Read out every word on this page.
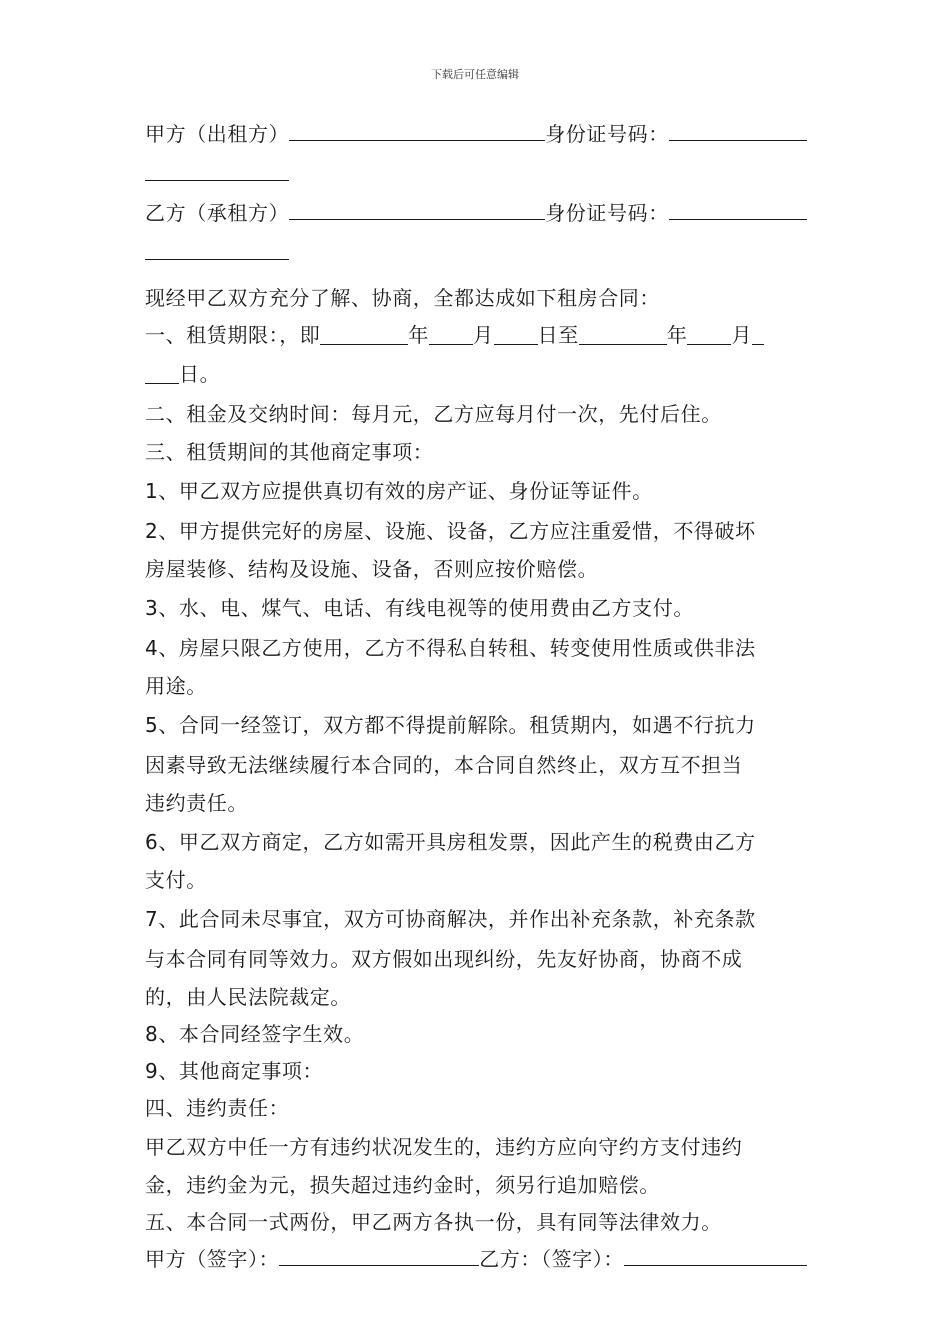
下载后可任意编辑
甲方（出租方）	身份证号码：
乙方（承租方）	身份证号码：
现经甲乙双方充分了解、协商，全都达成如下租房合同：
一、租赁期限：，即	年 月 日至	年 月
日。
二、租金及交纳时间：每月元，乙方应每月付一次，先付后住。
三、租赁期间的其他商定事项：
1、甲乙双方应提供真切有效的房产证、身份证等证件。
2、甲方提供完好的房屋、设施、设备，乙方应注重爱惜，不得破坏
房屋装修、结构及设施、设备，否则应按价赔偿。
3、水、电、煤气、电话、有线电视等的使用费由乙方支付。
4、房屋只限乙方使用，乙方不得私自转租、转变使用性质或供非法
用途。
5、合同一经签订，双方都不得提前解除。租赁期内，如遇不行抗力
因素导致无法继续履行本合同的，本合同自然终止，双方互不担当
违约责任。
6、甲乙双方商定，乙方如需开具房租发票，因此产生的税费由乙方
支付。
7、此合同未尽事宜，双方可协商解决，并作出补充条款，补充条款
与本合同有同等效力。双方假如出现纠纷，先友好协商，协商不成
的，由人民法院裁定。
8、本合同经签字生效。
9、其他商定事项：
四、违约责任：
甲乙双方中任一方有违约状况发生的，违约方应向守约方支付违约
金，违约金为元，损失超过违约金时，须另行追加赔偿。
五、本合同一式两份，甲乙两方各执一份，具有同等法律效力。
甲方（签字）：	乙方：（签字）：
